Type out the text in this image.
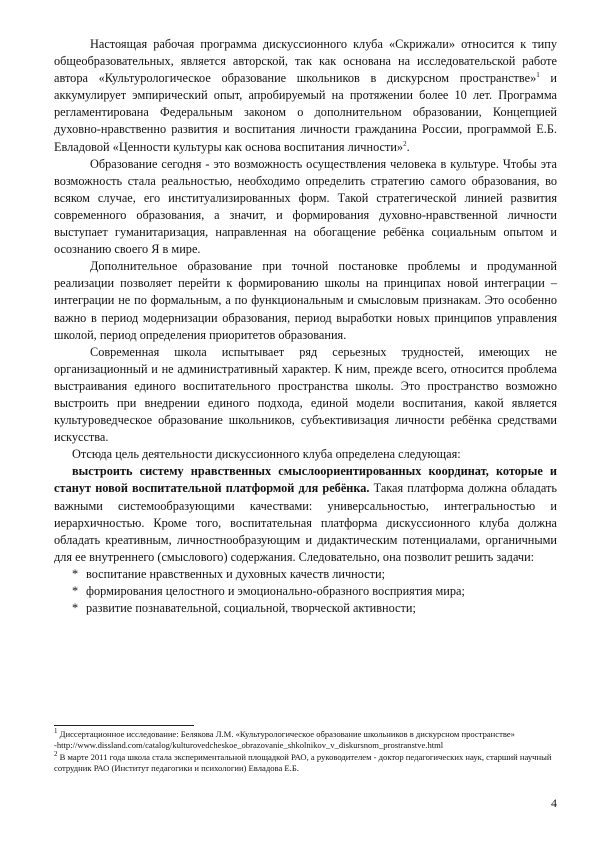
Настоящая рабочая программа дискуссионного клуба «Скрижали» относится к типу общеобразовательных, является авторской, так как основана на исследовательской работе автора «Культурологическое образование школьников в дискурсном пространстве»$^1$ и аккумулирует эмпирический опыт, апробируемый на протяжении более 10 лет. Программа регламентирована Федеральным законом о дополнительном образовании, Концепцией духовно-нравственно развития и воспитания личности гражданина России, программой Е.Б. Евладовой «Ценности культуры как основа воспитания личности»$^2$.

Образование сегодня - это возможность осуществления человека в культуре. Чтобы эта возможность стала реальностью, необходимо определить стратегию самого образования, во всяком случае, его институализированных форм. Такой стратегической линией развития современного образования, а значит, и формирования духовно-нравственной личности выступает гуманитаризация, направленная на обогащение ребёнка социальным опытом и осознанию своего Я в мире.

Дополнительное образование при точной постановке проблемы и продуманной реализации позволяет перейти к формированию школы на принципах новой интеграции – интеграции не по формальным, а по функциональным и смысловым признакам. Это особенно важно в период модернизации образования, период выработки новых принципов управления школой, период определения приоритетов образования.

Современная школа испытывает ряд серьезных трудностей, имеющих не организационный и не административный характер. К ним, прежде всего, относится проблема выстраивания единого воспитательного пространства школы. Это пространство возможно выстроить при внедрении единого подхода, единой модели воспитания, какой является культуроведческое образование школьников, субъективизация личности ребёнка средствами искусства.

Отсюда цель деятельности дискуссионного клуба определена следующая:

выстроить систему нравственных смыслоориентированных координат, которые и станут новой воспитательной платформой для ребёнка. Такая платформа должна обладать важными системообразующими качествами: универсальностью, интегральностью и иерархичностью. Кроме того, воспитательная платформа дискуссионного клуба должна обладать креативным, личностнообразующим и дидактическим потенциалами, органичными для ее внутреннего (смыслового) содержания. Следовательно, она позволит решить задачи:

* воспитание нравственных и духовных качеств личности;
* формирования целостного и эмоционально-образного восприятия мира;
* развитие познавательной, социальной, творческой активности;

$^1$ Диссертационное исследование: Белякова Л.М. «Культурологическое образование школьников в дискурсном пространстве»

-http://www.dissland.com/catalog/kulturovedcheskoe_obrazovanie_shkolnikov_v_diskursnom_prostranstve.html

$^2$ В марте 2011 года школа стала экспериментальной площадкой РАО, а руководителем - доктор педагогических наук, старший научный сотрудник РАО (Институт педагогики и психологии) Евладова Е.Б.

4
